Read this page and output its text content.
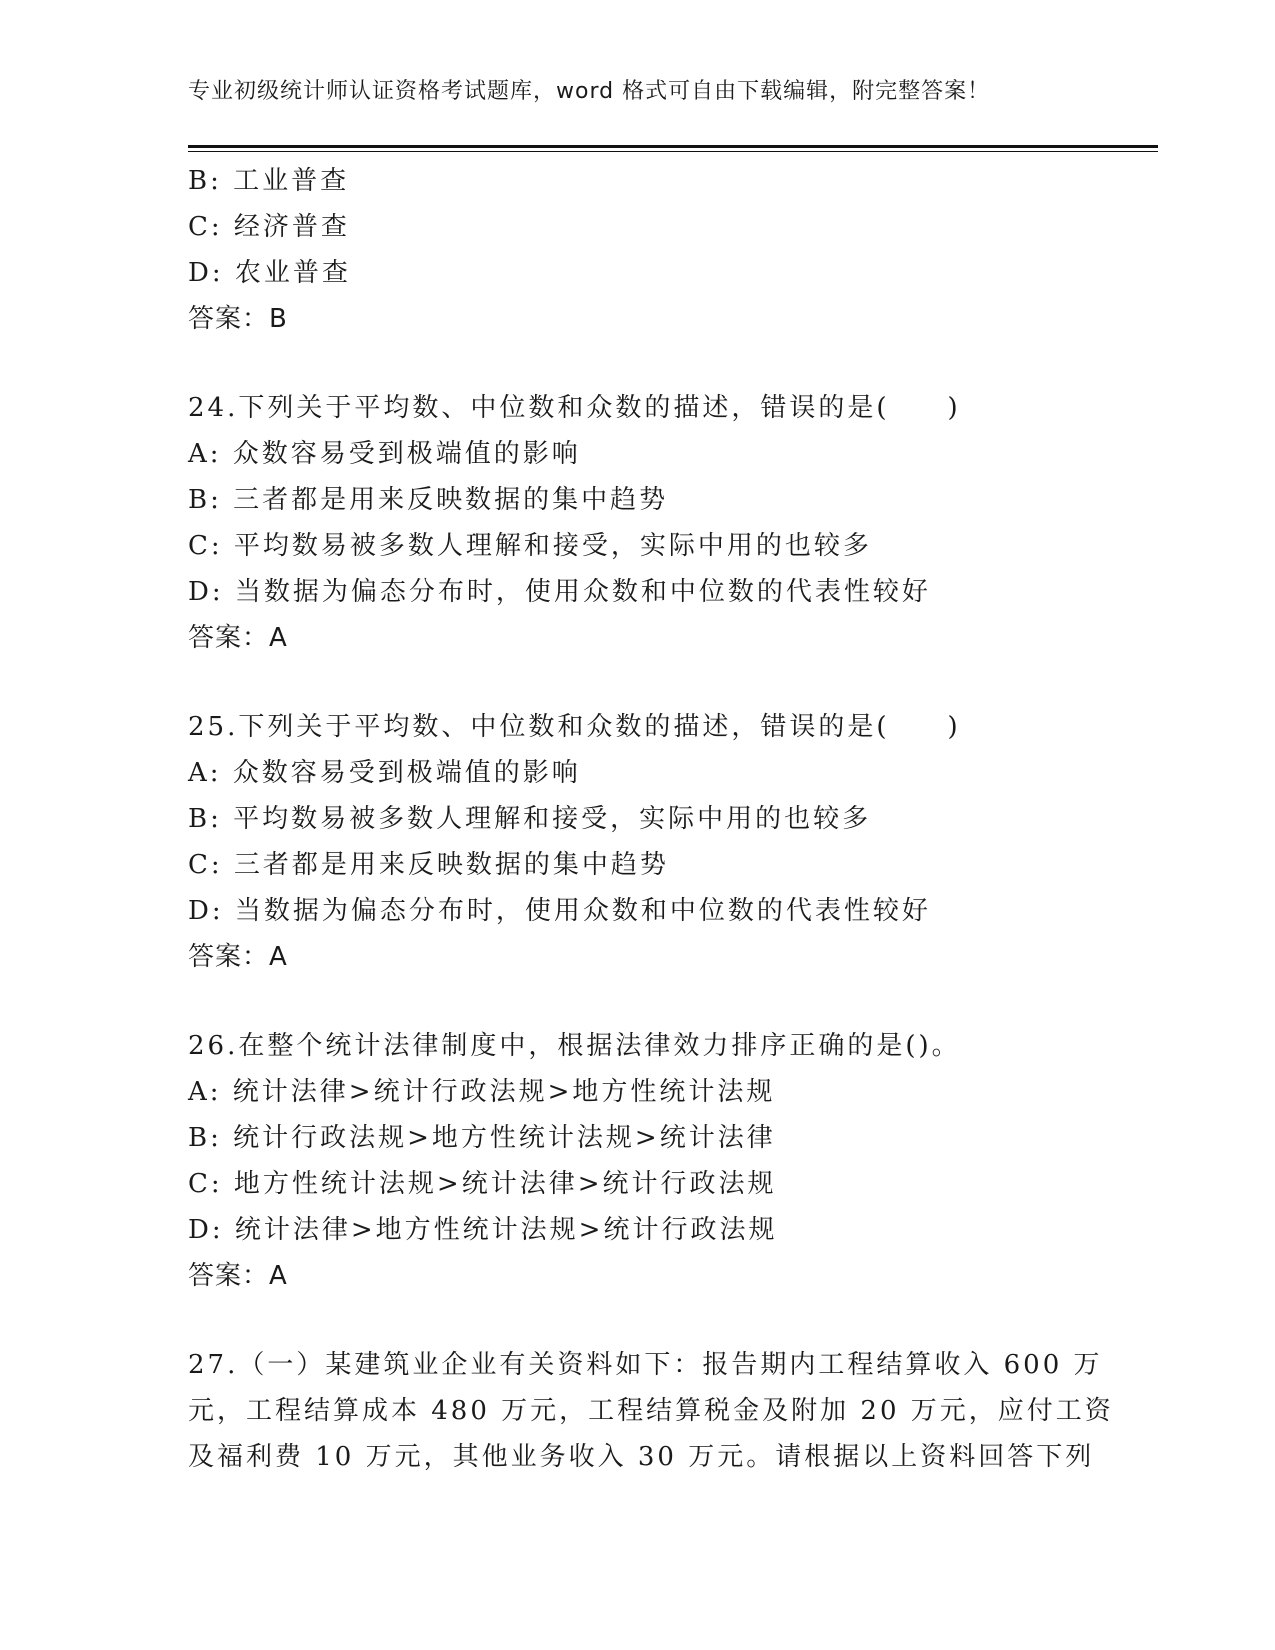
专业初级统计师认证资格考试题库，word 格式可自由下载编辑，附完整答案！
B: 工业普查
C: 经济普查
D: 农业普查
答案：B
24.下列关于平均数、中位数和众数的描述，错误的是(　　)
A: 众数容易受到极端值的影响
B: 三者都是用来反映数据的集中趋势
C: 平均数易被多数人理解和接受，实际中用的也较多
D: 当数据为偏态分布时，使用众数和中位数的代表性较好
答案：A
25.下列关于平均数、中位数和众数的描述，错误的是(　　)
A: 众数容易受到极端值的影响
B: 平均数易被多数人理解和接受，实际中用的也较多
C: 三者都是用来反映数据的集中趋势
D: 当数据为偏态分布时，使用众数和中位数的代表性较好
答案：A
26.在整个统计法律制度中，根据法律效力排序正确的是()。
A: 统计法律>统计行政法规>地方性统计法规
B: 统计行政法规>地方性统计法规>统计法律
C: 地方性统计法规>统计法律>统计行政法规
D: 统计法律>地方性统计法规>统计行政法规
答案：A
27.（一）某建筑业企业有关资料如下：报告期内工程结算收入 600 万
元，工程结算成本 480 万元，工程结算税金及附加 20 万元，应付工资
及福利费 10 万元，其他业务收入 30 万元。请根据以上资料回答下列
